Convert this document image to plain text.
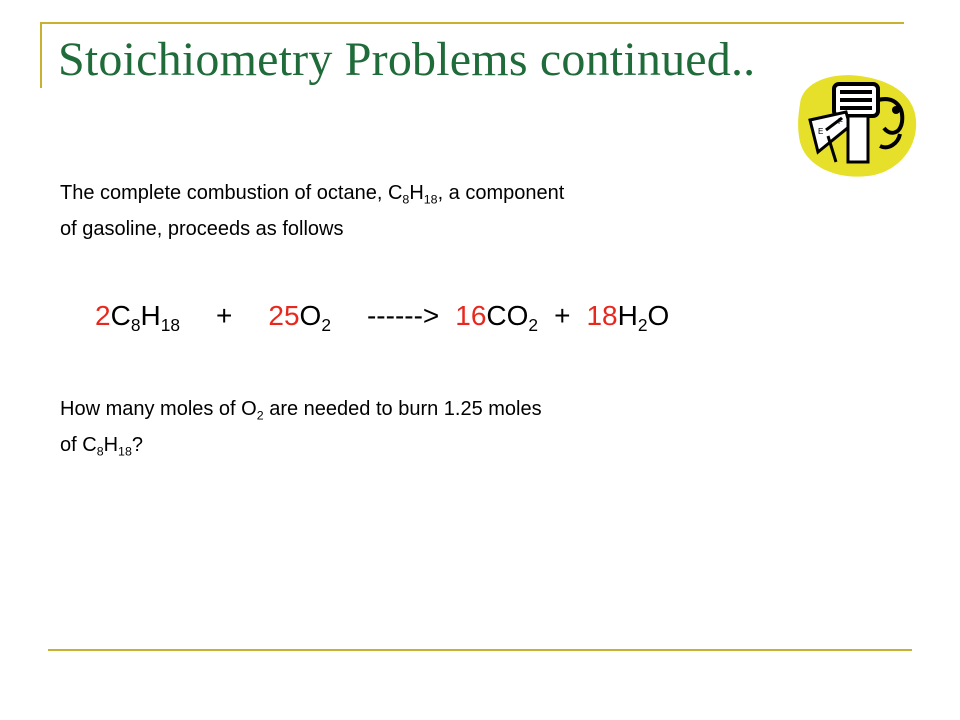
Stoichiometry Problems continued..
E
F
The complete combustion of octane, $C_8H_{18}$, a component
of gasoline, proceeds as follows
$2C_8H_{18} + 25O_2$ ------> $16CO_2 + 18H_2O$
How many moles of $O_2$ are needed to burn 1.25 moles
of $C_8H_{18}$?
